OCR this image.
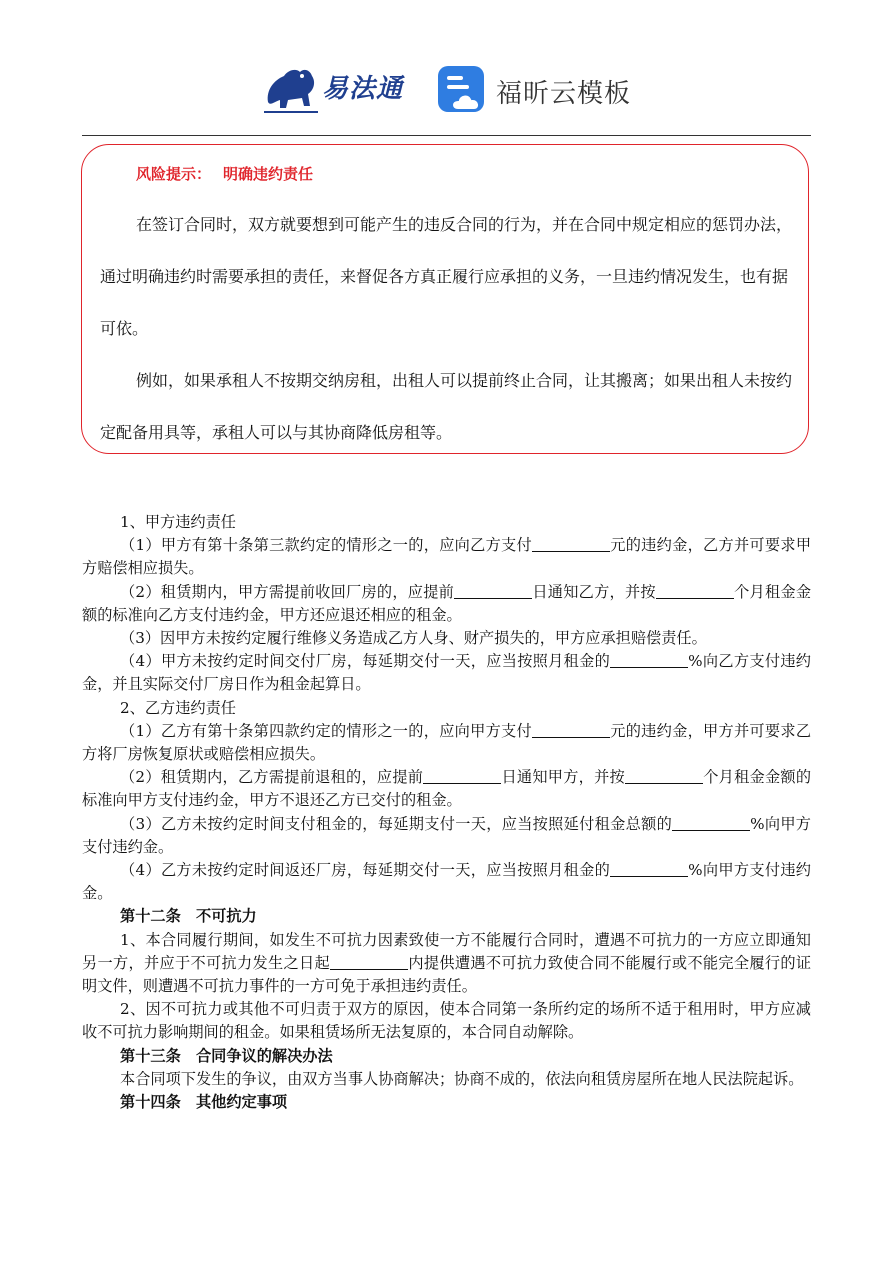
易法通	福昕云模板
风险提示： 明确违约责任

在签订合同时，双方就要想到可能产生的违反合同的行为，并在合同中规定相应的惩罚办法，通过明确违约时需要承担的责任，来督促各方真正履行应承担的义务，一旦违约情况发生，也有据可依。

例如，如果承租人不按期交纳房租，出租人可以提前终止合同，让其搬离；如果出租人未按约定配备用具等，承租人可以与其协商降低房租等。

1、甲方违约责任

（1）甲方有第十条第三款约定的情形之一的，应向乙方支付	元的违约金，乙方并可要求甲方赔偿相应损失。

（2）租赁期内，甲方需提前收回厂房的，应提前	日通知乙方，并按	个月租金金额的标准向乙方支付违约金，甲方还应退还相应的租金。

（3）因甲方未按约定履行维修义务造成乙方人身、财产损失的，甲方应承担赔偿责任。

（4）甲方未按约定时间交付厂房，每延期交付一天，应当按照月租金的	%向乙方支付违约金，并且实际交付厂房日作为租金起算日。

2、乙方违约责任

（1）乙方有第十条第四款约定的情形之一的，应向甲方支付	元的违约金，甲方并可要求乙方将厂房恢复原状或赔偿相应损失。

（2）租赁期内，乙方需提前退租的，应提前	日通知甲方，并按	个月租金金额的标准向甲方支付违约金，甲方不退还乙方已交付的租金。

（3）乙方未按约定时间支付租金的，每延期支付一天，应当按照延付租金总额的	%向甲方支付违约金。

（4）乙方未按约定时间返还厂房，每延期交付一天，应当按照月租金的	%向甲方支付违约金。

第十二条　不可抗力

1、本合同履行期间，如发生不可抗力因素致使一方不能履行合同时，遭遇不可抗力的一方应立即通知另一方，并应于不可抗力发生之日起	内提供遭遇不可抗力致使合同不能履行或不能完全履行的证明文件，则遭遇不可抗力事件的一方可免于承担违约责任。

2、因不可抗力或其他不可归责于双方的原因，使本合同第一条所约定的场所不适于租用时，甲方应减收不可抗力影响期间的租金。如果租赁场所无法复原的，本合同自动解除。

第十三条　合同争议的解决办法

本合同项下发生的争议，由双方当事人协商解决；协商不成的，依法向租赁房屋所在地人民法院起诉。

第十四条　其他约定事项
